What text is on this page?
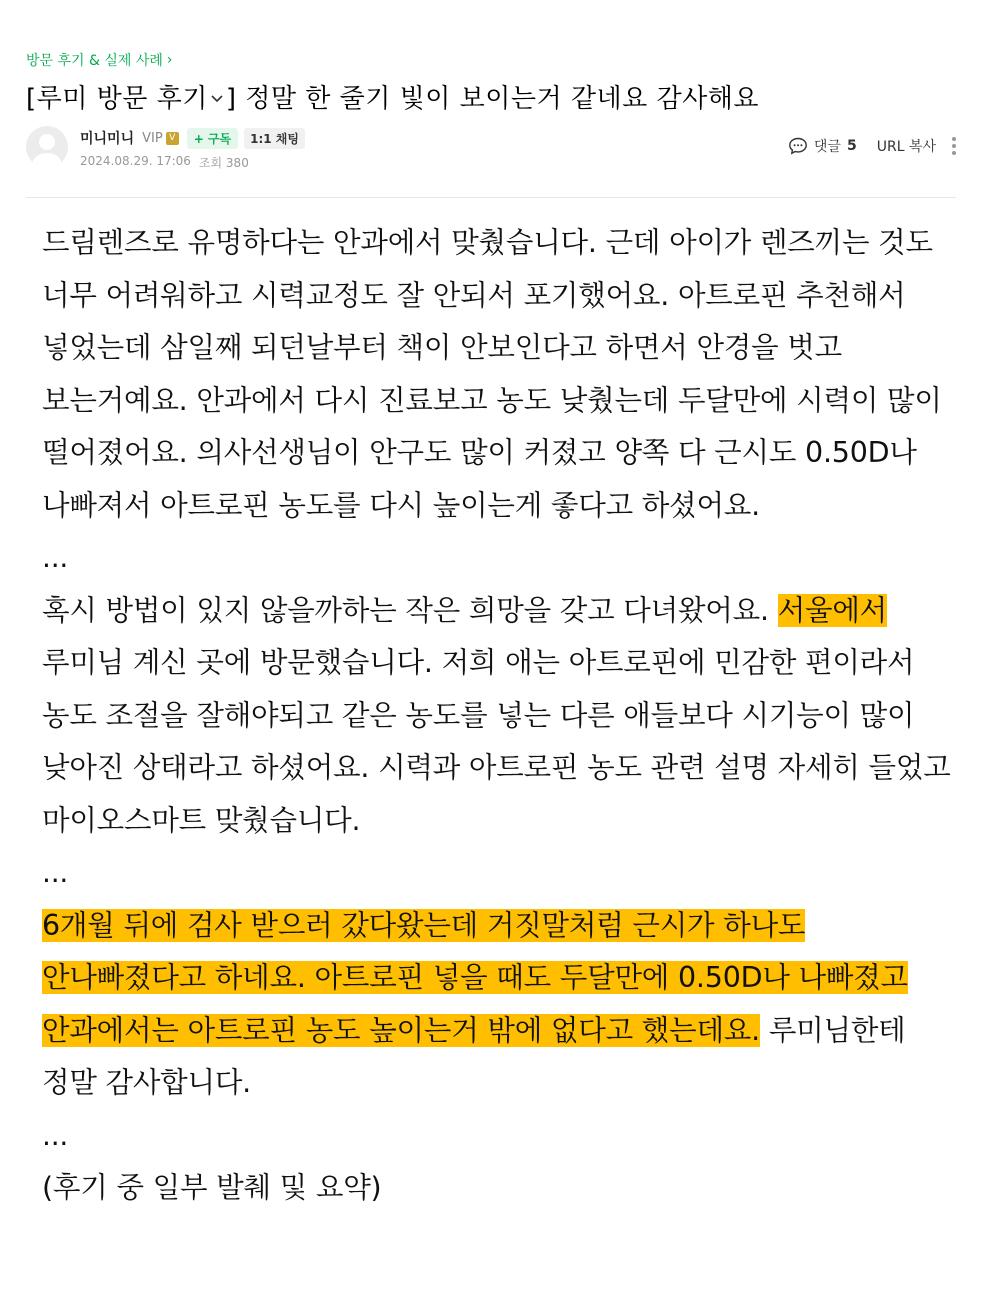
방문 후기 & 실제 사례 ›
[루미 방문 후기 ] 정말 한 줄기 빛이 보이는거 같네요 감사해요
미니미니 VIP V	+ 구독	1:1 채팅
2024.08.29. 17:06 조회 380
댓글 5 URL 복사

드림렌즈로 유명하다는 안과에서 맞췄습니다. 근데 아이가 렌즈끼는 것도 너무 어려워하고 시력교정도 잘 안되서 포기했어요. 아트로핀 추천해서 넣었는데 삼일째 되던날부터 책이 안보인다고 하면서 안경을 벗고 보는거예요. 안과에서 다시 진료보고 농도 낮췄는데 두달만에 시력이 많이 떨어졌어요. 의사선생님이 안구도 많이 커졌고 양쪽 다 근시도 0.50D나 나빠져서 아트로핀 농도를 다시 높이는게 좋다고 하셨어요.

...

혹시 방법이 있지 않을까하는 작은 희망을 갖고 다녀왔어요. 서울에서 루미님 계신 곳에 방문했습니다. 저희 애는 아트로핀에 민감한 편이라서 농도 조절을 잘해야되고 같은 농도를 넣는 다른 애들보다 시기능이 많이 낮아진 상태라고 하셨어요. 시력과 아트로핀 농도 관련 설명 자세히 들었고 마이오스마트 맞췄습니다.

...

6개월 뒤에 검사 받으러 갔다왔는데 거짓말처럼 근시가 하나도 안나빠졌다고 하네요. 아트로핀 넣을 때도 두달만에 0.50D나 나빠졌고 안과에서는 아트로핀 농도 높이는거 밖에 없다고 했는데요. 루미님한테 정말 감사합니다.

...

(후기 중 일부 발췌 및 요약)
